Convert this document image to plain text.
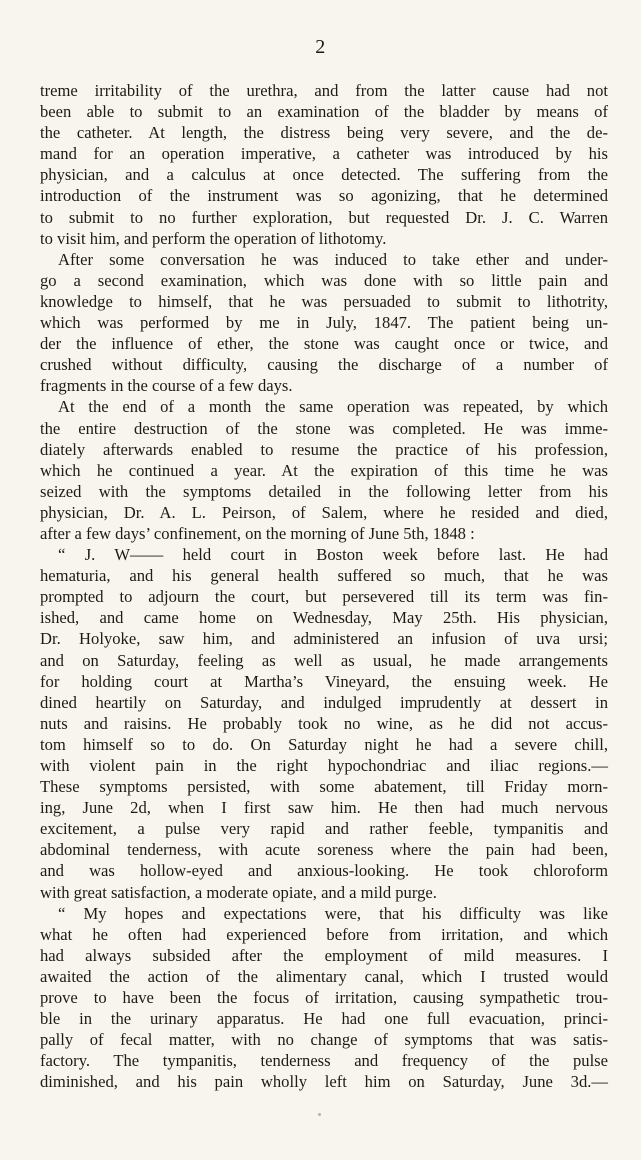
2
treme irritability of the urethra, and from the latter cause had not
been able to submit to an examination of the bladder by means of
the catheter. At length, the distress being very severe, and the de-
mand for an operation imperative, a catheter was introduced by his
physician, and a calculus at once detected. The suffering from the
introduction of the instrument was so agonizing, that he determined
to submit to no further exploration, but requested Dr. J. C. Warren
to visit him, and perform the operation of lithotomy.
After some conversation he was induced to take ether and under-
go a second examination, which was done with so little pain and
knowledge to himself, that he was persuaded to submit to lithotrity,
which was performed by me in July, 1847. The patient being un-
der the influence of ether, the stone was caught once or twice, and
crushed without difficulty, causing the discharge of a number of
fragments in the course of a few days.
At the end of a month the same operation was repeated, by which
the entire destruction of the stone was completed. He was imme-
diately afterwards enabled to resume the practice of his profession,
which he continued a year. At the expiration of this time he was
seized with the symptoms detailed in the following letter from his
physician, Dr. A. L. Peirson, of Salem, where he resided and died,
after a few days’ confinement, on the morning of June 5th, 1848 :
“ J. W—— held court in Boston week before last. He had
hematuria, and his general health suffered so much, that he was
prompted to adjourn the court, but persevered till its term was fin-
ished, and came home on Wednesday, May 25th. His physician,
Dr. Holyoke, saw him, and administered an infusion of uva ursi;
and on Saturday, feeling as well as usual, he made arrangements
for holding court at Martha’s Vineyard, the ensuing week. He
dined heartily on Saturday, and indulged imprudently at dessert in
nuts and raisins. He probably took no wine, as he did not accus-
tom himself so to do. On Saturday night he had a severe chill,
with violent pain in the right hypochondriac and iliac regions.—
These symptoms persisted, with some abatement, till Friday morn-
ing, June 2d, when I first saw him. He then had much nervous
excitement, a pulse very rapid and rather feeble, tympanitis and
abdominal tenderness, with acute soreness where the pain had been,
and was hollow-eyed and anxious-looking. He took chloroform
with great satisfaction, a moderate opiate, and a mild purge.
“ My hopes and expectations were, that his difficulty was like
what he often had experienced before from irritation, and which
had always subsided after the employment of mild measures. I
awaited the action of the alimentary canal, which I trusted would
prove to have been the focus of irritation, causing sympathetic trou-
ble in the urinary apparatus. He had one full evacuation, princi-
pally of fecal matter, with no change of symptoms that was satis-
factory. The tympanitis, tenderness and frequency of the pulse
diminished, and his pain wholly left him on Saturday, June 3d.—
